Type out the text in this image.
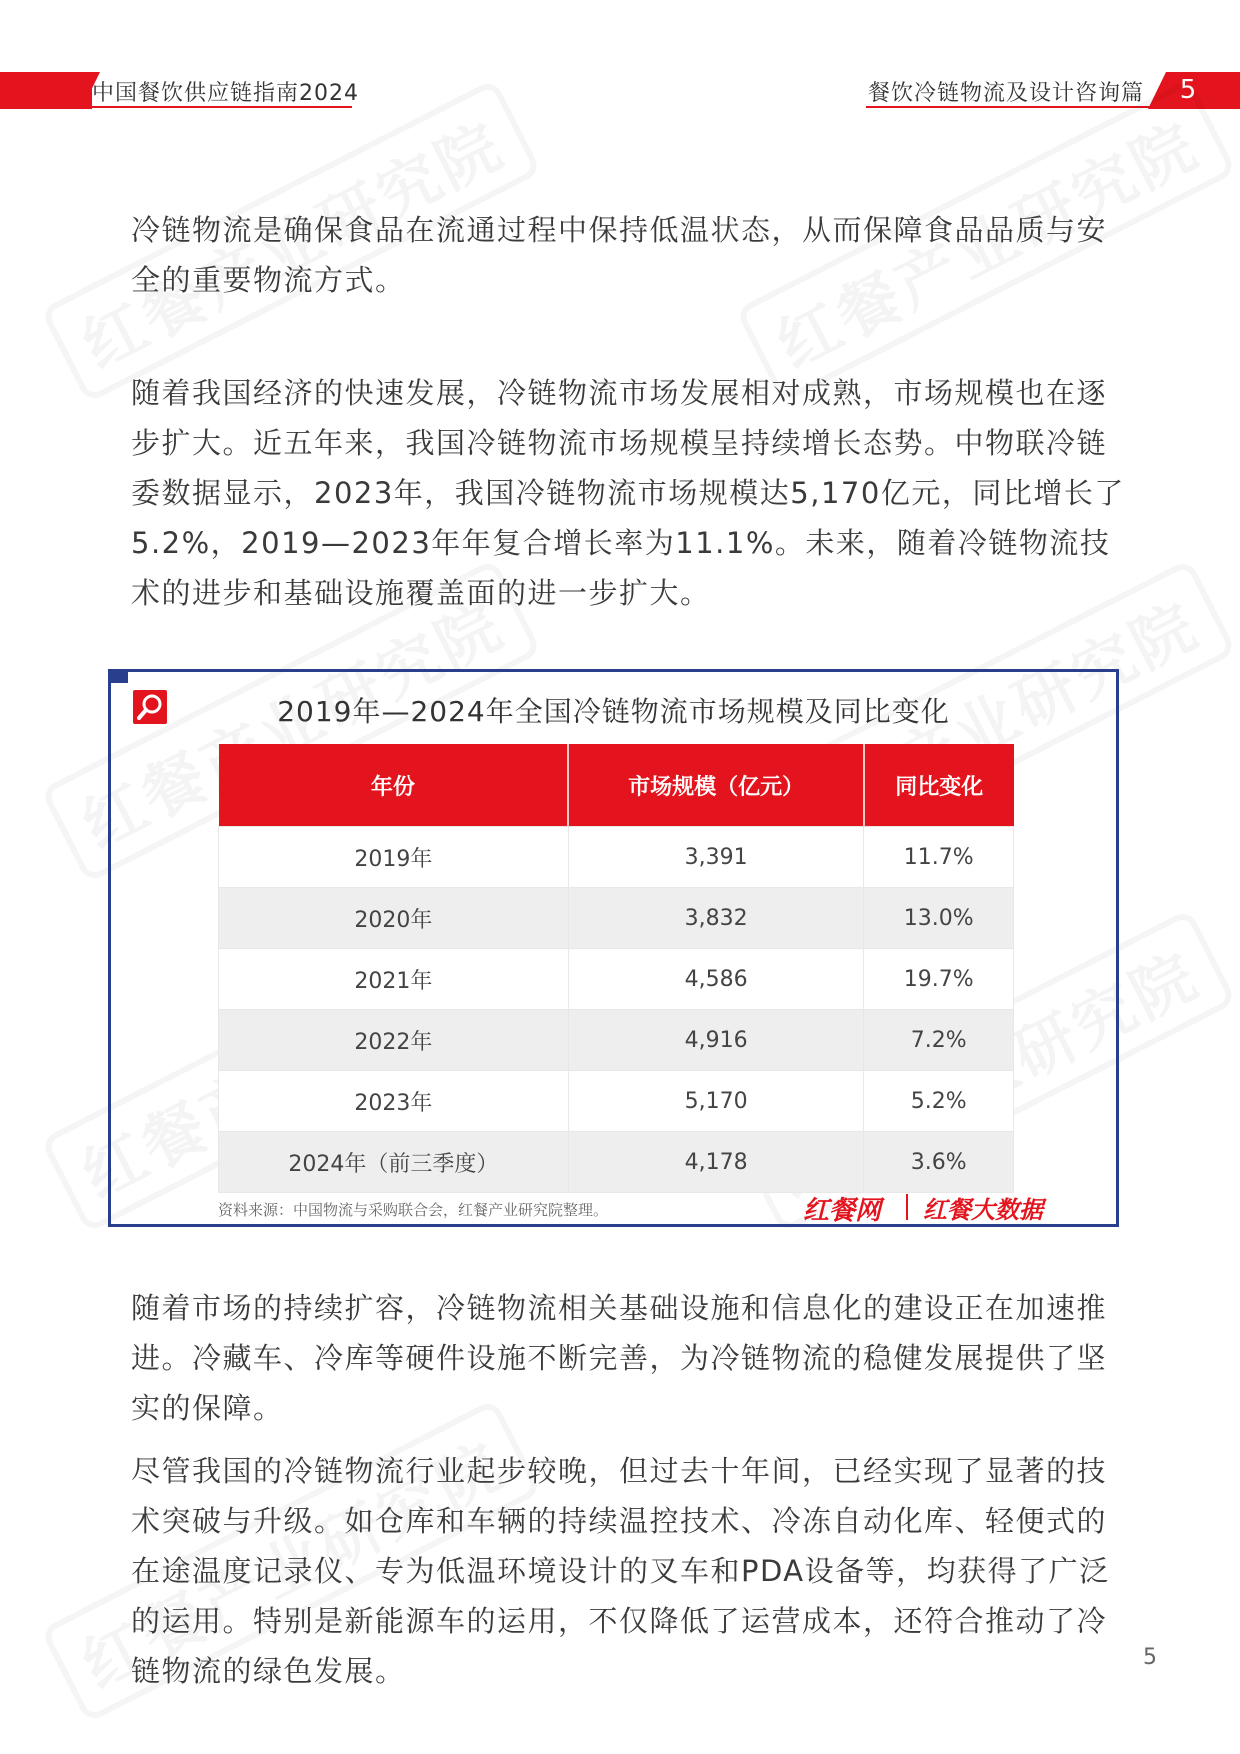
中国餐饮供应链指南2024	餐饮冷链物流及设计咨询篇	5

冷链物流是确保食品在流通过程中保持低温状态，从而保障食品品质与安全的重要物流方式。

随着我国经济的快速发展，冷链物流市场发展相对成熟，市场规模也在逐步扩大。近五年来，我国冷链物流市场规模呈持续增长态势。中物联冷链委数据显示，2023年，我国冷链物流市场规模达5,170亿元，同比增长了5.2%，2019—2023年年复合增长率为11.1%。未来，随着冷链物流技术的进步和基础设施覆盖面的进一步扩大。

2019年—2024年全国冷链物流市场规模及同比变化
年份	市场规模（亿元）	同比变化
2019年	3,391	11.7%
2020年	3,832	13.0%
2021年	4,586	19.7%
2022年	4,916	7.2%
2023年	5,170	5.2%
2024年（前三季度）	4,178	3.6%
资料来源：中国物流与采购联合会，红餐产业研究院整理。	红餐网 红餐大数据

随着市场的持续扩容，冷链物流相关基础设施和信息化的建设正在加速推进。冷藏车、冷库等硬件设施不断完善，为冷链物流的稳健发展提供了坚实的保障。

尽管我国的冷链物流行业起步较晚，但过去十年间，已经实现了显著的技术突破与升级。如仓库和车辆的持续温控技术、冷冻自动化库、轻便式的在途温度记录仪、专为低温环境设计的叉车和PDA设备等，均获得了广泛的运用。特别是新能源车的运用，不仅降低了运营成本，还符合推动了冷链物流的绿色发展。	5
